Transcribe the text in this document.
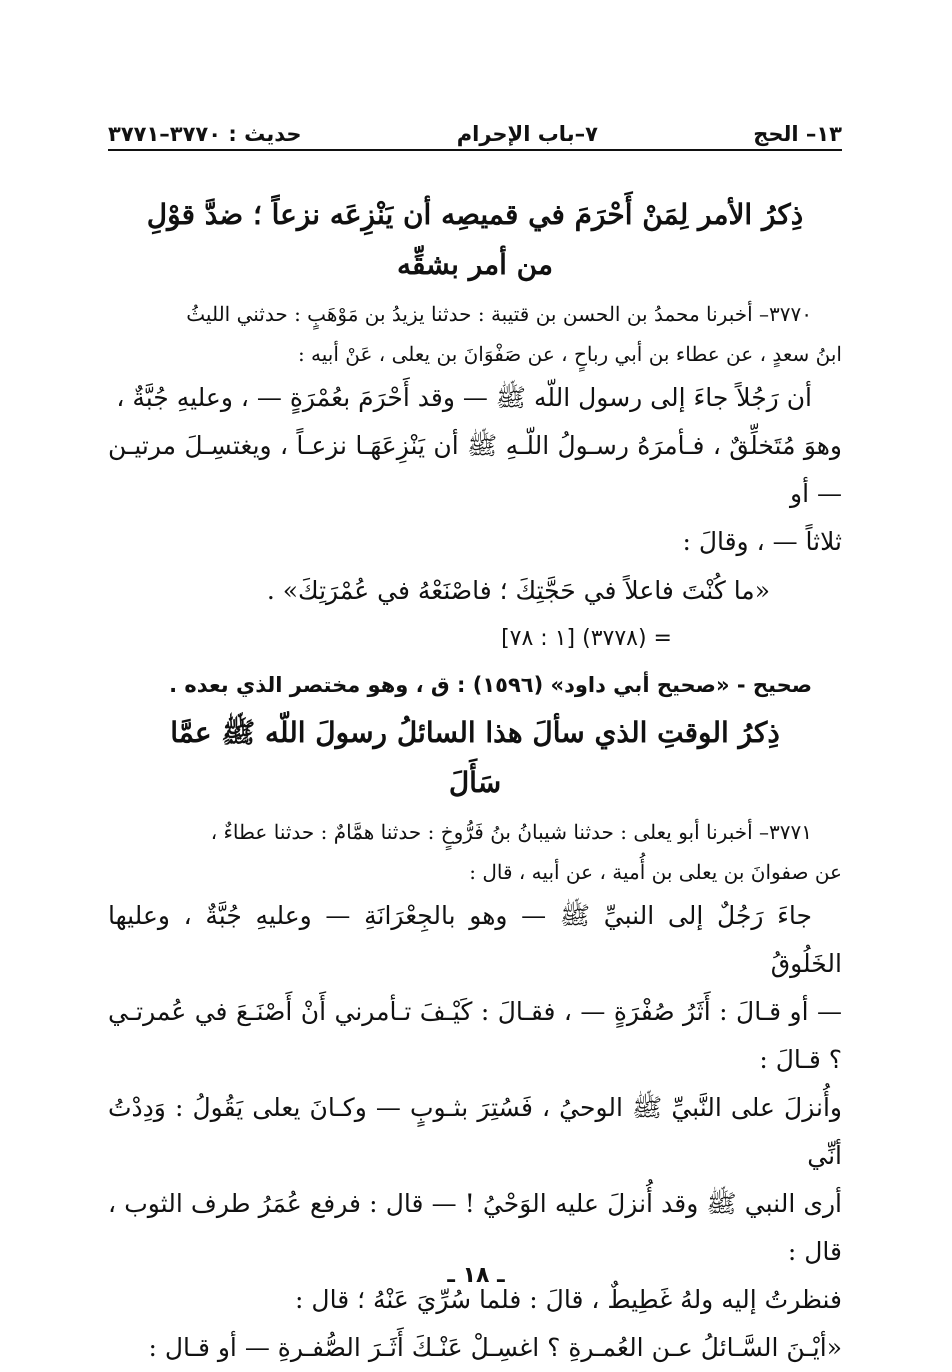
١٣– الحج
٧–باب الإحرام
حديث : ٣٧٧٠–٣٧٧١
ذِكرُ الأمر لِمَنْ أَحْرَمَ في قميصِه أن يَنْزِعَه نزعاً ؛ ضدَّ قوْلِ
من أمر بشقِّه

٣٧٧٠– أخبرنا محمدُ بن الحسن بن قتيبة : حدثنا يزيدُ بن مَوْهَبٍ : حدثني الليثُ

ابنُ سعدٍ ، عن عطاء بن أبي رباحٍ ، عن صَفْوَانَ بن يعلى ، عَنْ أبيه :

أن رَجُلاً جاءَ إلى رسول اللّه ﷺ — وقد أَحْرَمَ بعُمْرَةٍ — ، وعليهِ جُبَّةٌ ،

وهوَ مُتَخلِّقٌ ، فـأمرَهُ رسـولُ اللّـهِ ﷺ أن يَنْزِعَهَـا نزعـاً ، ويغتسِـلَ مرتيـن — أو

ثلاثاً — ، وقالَ :

«ما كُنْتَ فاعلاً في حَجَّتِكَ ؛ فاصْنَعْهُ في عُمْرَتِكَ» .

= (٣٧٧٨) [١ : ٧٨]

صحيح - «صحيح أبي داود» (١٥٩٦) : ق ، وهو مختصر الذي بعده .

ذِكرُ الوقتِ الذي سألَ هذا السائلُ رسولَ اللّه ﷺ عمَّا
سَأَلَ

٣٧٧١– أخبرنا أبو يعلى : حدثنا شيبانُ بنُ فَرُّوخٍ : حدثنا همَّامٌ : حدثنا عطاءٌ ،

عن صفوانَ بن يعلى بن أُمية ، عن أبيه ، قال :

جاءَ رَجُلٌ إلى النبيِّ ﷺ — وهو بالجِعْرَانَةِ — وعليهِ جُبَّةٌ ، وعليها الخَلُوقُ

— أو قـالَ : أَثَرُ صُفْرَةٍ — ، فقـالَ : كَيْـفَ تـأمرني أَنْ أَصْنَـعَ في عُمرتـي ؟ قـالَ :

وأُنزلَ على النَّبيِّ ﷺ الوحيُ ، فَسُتِرَ بثـوبٍ — وكـانَ يعلى يَقُولُ : وَدِدْتُ أنِّي

أرى النبي ﷺ وقد أُنزلَ عليه الوَحْيُ ! — قال : فرفع عُمَرُ طرف الثوب ، قال :

فنظرتُ إليه ولهُ غَطِيطٌ ، قالَ : فلما سُرِّيَ عَنْهُ ؛ قال :

«أيْـنَ السَّـائلُ عـن العُمـرةِ ؟ اغسِـلْ عَنْـكَ أَثَـرَ الصُّفـرةِ — أو قـال :

ـ ١٨ ـ
